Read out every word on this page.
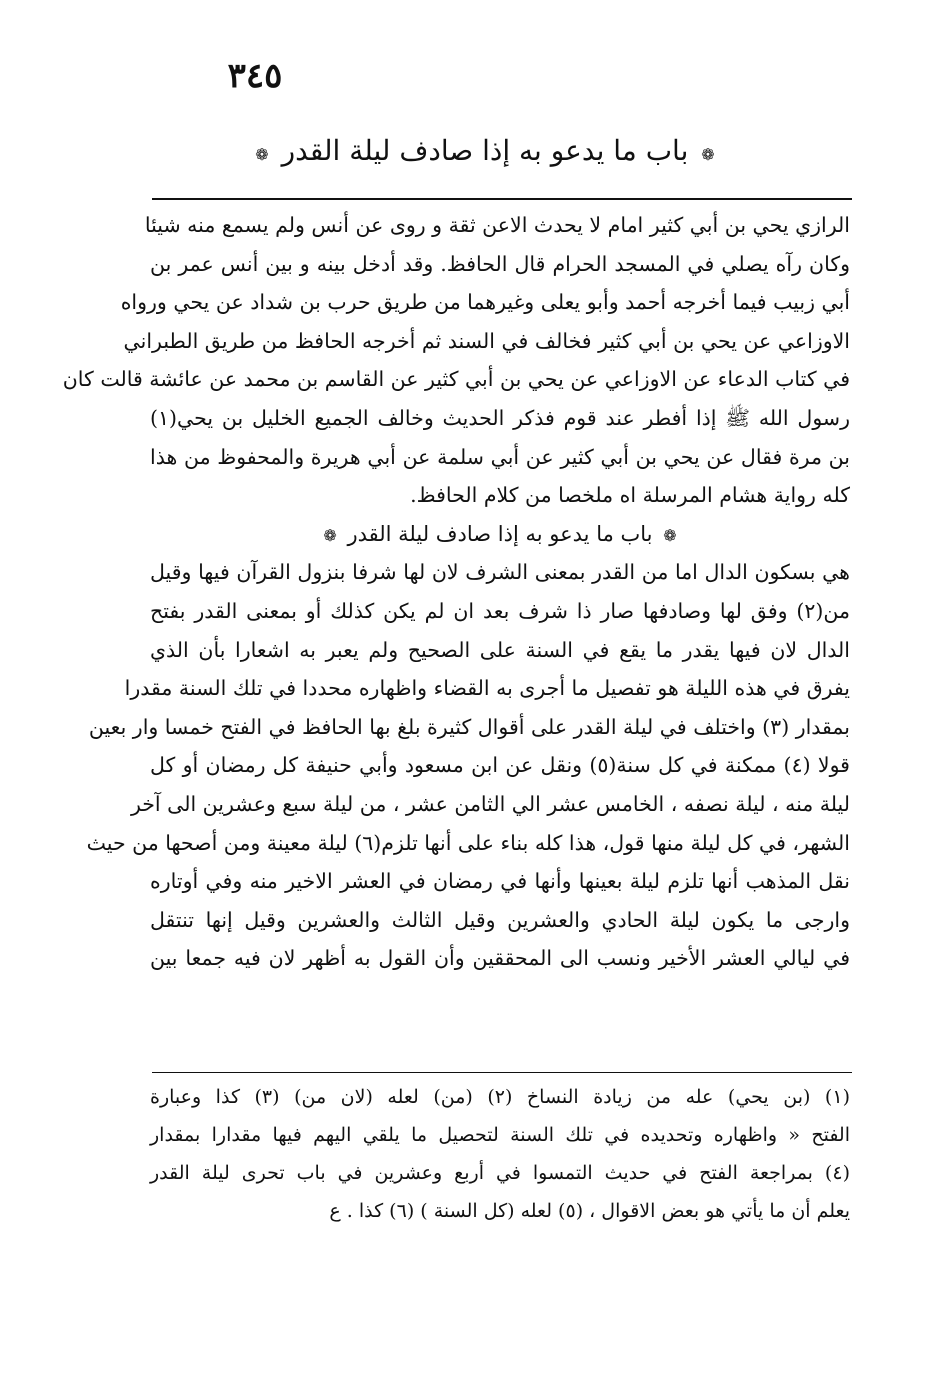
٣٤٥
❁ باب ما يدعو به إذا صادف ليلة القدر ❁
الرازي يحي بن أبي كثير امام لا يحدث الاعن ثقة و روى عن أنس ولم يسمع منه شيئا
وكان رآه يصلي في المسجد الحرام قال الحافظ. وقد أدخل بينه و بين أنس عمر بن
أبي زبيب فيما أخرجه أحمد وأبو يعلى وغيرهما من طريق حرب بن شداد عن يحي ورواه
الاوزاعي عن يحي بن أبي كثير فخالف في السند ثم أخرجه الحافظ من طريق الطبراني
في كتاب الدعاء عن الاوزاعي عن يحي بن أبي كثير عن القاسم بن محمد عن عائشة قالت كان
رسول الله ﷺ إذا أفطر عند قوم فذكر الحديث وخالف الجميع الخليل بن يحي(١)
بن مرة فقال عن يحي بن أبي كثير عن أبي سلمة عن أبي هريرة والمحفوظ من هذا
كله رواية هشام المرسلة اه ملخصا من كلام الحافظ.
❁ باب ما يدعو به إذا صادف ليلة القدر ❁
هي بسكون الدال اما من القدر بمعنى الشرف لان لها شرفا بنزول القرآن فيها وقيل
من(٢) وفق لها وصادفها صار ذا شرف بعد ان لم يكن كذلك أو بمعنى القدر بفتح
الدال لان فيها يقدر ما يقع في السنة على الصحيح ولم يعبر به اشعارا بأن الذي
يفرق في هذه الليلة هو تفصيل ما أجرى به القضاء واظهاره محددا في تلك السنة مقدرا
بمقدار (٣) واختلف في ليلة القدر على أقوال كثيرة بلغ بها الحافظ في الفتح خمسا وار بعين
قولا (٤) ممكنة في كل سنة(٥) ونقل عن ابن مسعود وأبي حنيفة كل رمضان أو كل
ليلة منه ، ليلة نصفه ، الخامس عشر الي الثامن عشر ، من ليلة سبع وعشرين الى آخر
الشهر، في كل ليلة منها قول، هذا كله بناء على أنها تلزم(٦) ليلة معينة ومن أصحها من حيث
نقل المذهب أنها تلزم ليلة بعينها وأنها في رمضان في العشر الاخير منه وفي أوتاره
وارجى ما يكون ليلة الحادي والعشرين وقيل الثالث والعشرين وقيل إنها تنتقل
في ليالي العشر الأخير ونسب الى المحققين وأن القول به أظهر لان فيه جمعا بين
(١) (بن يحي) عله من زيادة النساخ (٢) (من) لعله (لان من) (٣) كذا وعبارة
الفتح « واظهاره وتحديده في تلك السنة لتحصيل ما يلقي اليهم فيها مقدارا بمقدار
(٤) بمراجعة الفتح في حديث التمسوا في أربع وعشرين في باب تحرى ليلة القدر
يعلم أن ما يأتي هو بعض الاقوال ، (٥) لعله (كل السنة ) (٦) كذا . ع
